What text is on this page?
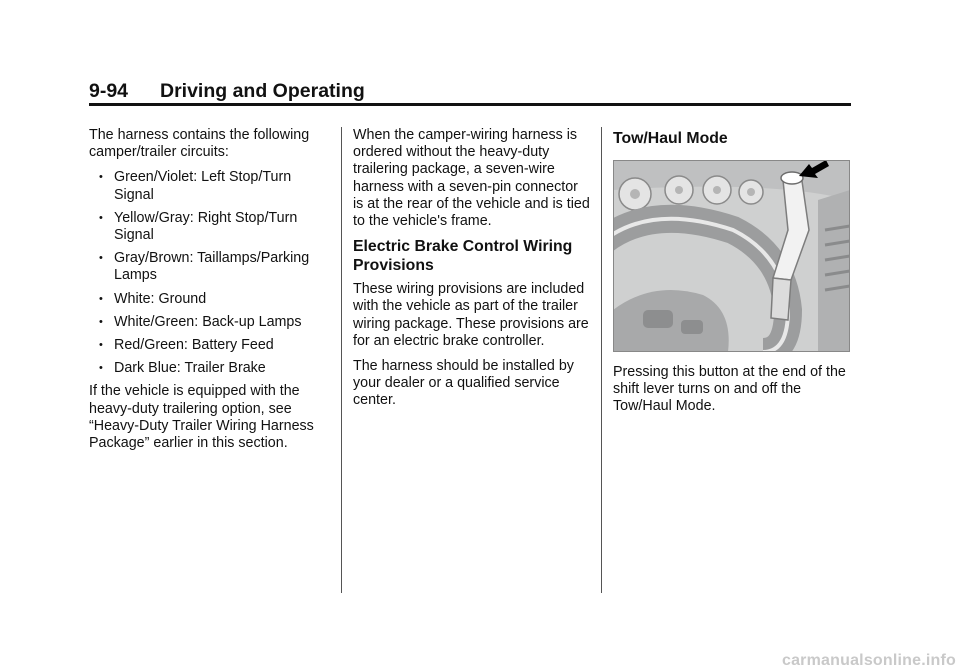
9-94 Driving and Operating

The harness contains the following camper/trailer circuits:

• Green/Violet: Left Stop/Turn Signal
• Yellow/Gray: Right Stop/Turn Signal
• Gray/Brown: Taillamps/Parking Lamps
• White: Ground
• White/Green: Back-up Lamps
• Red/Green: Battery Feed
• Dark Blue: Trailer Brake

If the vehicle is equipped with the heavy-duty trailering option, see “Heavy-Duty Trailer Wiring Harness Package” earlier in this section.

When the camper-wiring harness is ordered without the heavy-duty trailering package, a seven-wire harness with a seven-pin connector is at the rear of the vehicle and is tied to the vehicle's frame.

Electric Brake Control Wiring Provisions

These wiring provisions are included with the vehicle as part of the trailer wiring package. These provisions are for an electric brake controller.

The harness should be installed by your dealer or a qualified service center.

Tow/Haul Mode

Pressing this button at the end of the shift lever turns on and off the Tow/Haul Mode.

carmanualsonline.info
